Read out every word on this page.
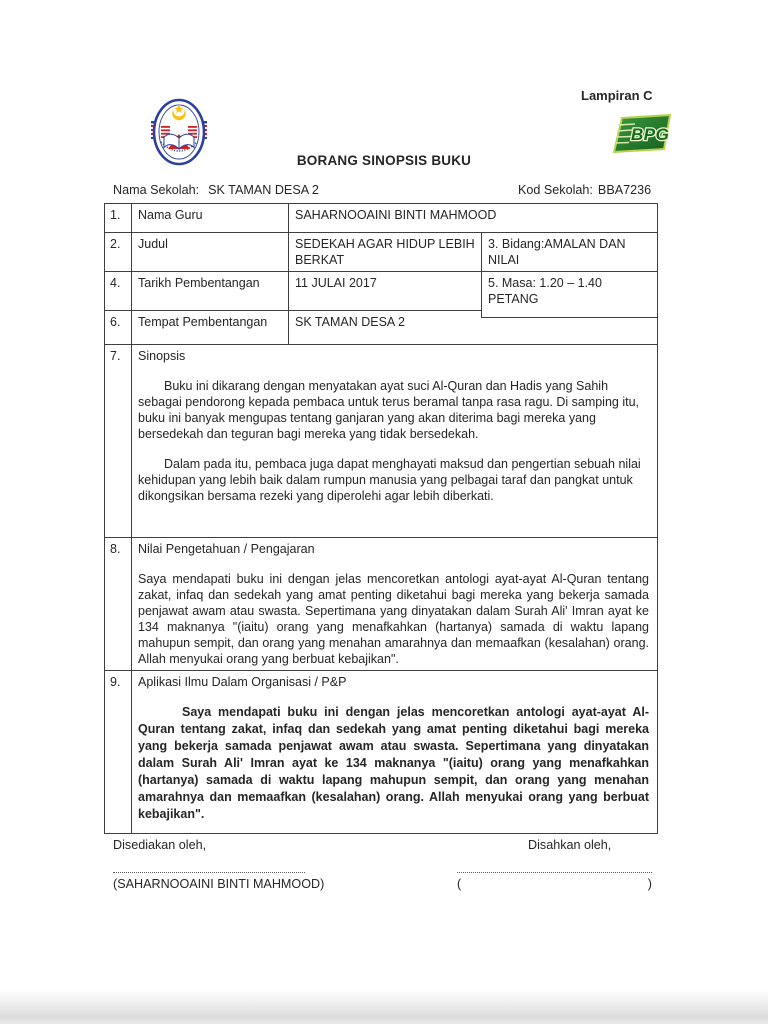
Lampiran C
BPG
BORANG SINOPSIS BUKU
Nama Sekolah: SK TAMAN DESA 2	Kod Sekolah: BBA7236
1.	Nama Guru	SAHARNOOAINI BINTI MAHMOOD	
2.	Judul	SEDEKAH AGAR HIDUP LEBIH BERKAT	3. Bidang:AMALAN DAN NILAI
4.	Tarikh Pembentangan	11 JULAI 2017	5. Masa: 1.20 – 1.40 PETANG
6.	Tempat Pembentangan	SK TAMAN DESA 2	
7.	Sinopsis

Buku ini dikarang dengan menyatakan ayat suci Al-Quran dan Hadis yang Sahih sebagai pendorong kepada pembaca untuk terus beramal tanpa rasa ragu. Di samping itu, buku ini banyak mengupas tentang ganjaran yang akan diterima bagi mereka yang bersedekah dan teguran bagi mereka yang tidak bersedekah.

Dalam pada itu, pembaca juga dapat menghayati maksud dan pengertian sebuah nilai kehidupan yang lebih baik dalam rumpun manusia yang pelbagai taraf dan pangkat untuk dikongsikan bersama rezeki yang diperolehi agar lebih diberkati.		

8.	Nilai Pengetahuan / Pengajaran

Saya mendapati buku ini dengan jelas mencoretkan antologi ayat-ayat Al-Quran tentang zakat, infaq dan sedekah yang amat penting diketahui bagi mereka yang bekerja samada penjawat awam atau swasta. Sepertimana yang dinyatakan dalam Surah Ali' Imran ayat ke 134 maknanya "(iaitu) orang yang menafkahkan (hartanya) samada di waktu lapang mahupun sempit, dan orang yang menahan amarahnya dan memaafkan (kesalahan) orang. Allah menyukai orang yang berbuat kebajikan".		

9.	Aplikasi Ilmu Dalam Organisasi / P&P

Saya mendapati buku ini dengan jelas mencoretkan antologi ayat-ayat Al-Quran tentang zakat, infaq dan sedekah yang amat penting diketahui bagi mereka yang bekerja samada penjawat awam atau swasta. Sepertimana yang dinyatakan dalam Surah Ali' Imran ayat ke 134 maknanya "(iaitu) orang yang menafkahkan (hartanya) samada di waktu lapang mahupun sempit, dan orang yang menahan amarahnya dan memaafkan (kesalahan) orang. Allah menyukai orang yang berbuat kebajikan".		

Disediakan oleh,	Disahkan oleh,
(SAHARNOOAINI BINTI MAHMOOD)	(	)
